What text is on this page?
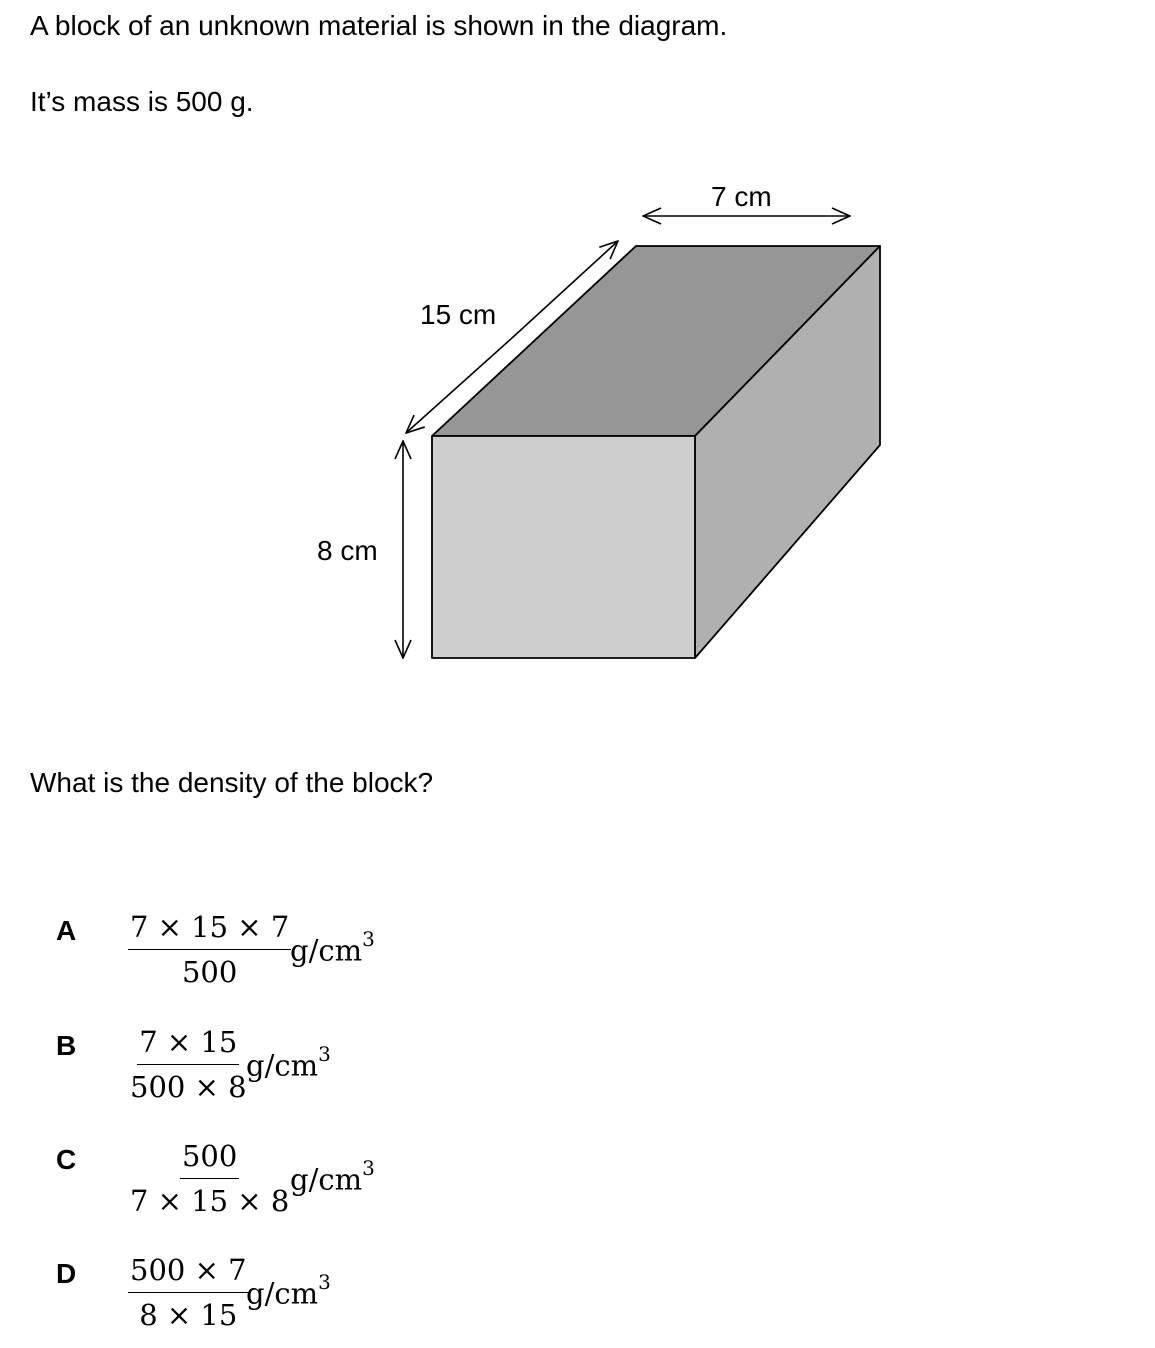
A block of an unknown material is shown in the diagram.

It’s mass is 500 g.

7 cm
15 cm
8 cm

What is the density of the block?

A $\frac{7 \times 15 \times 7}{500}$
$g/cm^3$
B $\frac{7 \times 15}{500 \times 8}$
$g/cm^3$
C $\frac{500}{7 \times 15 \times 8}$
$g/cm^3$
D $\frac{500 \times 7}{8 \times 15}$
$g/cm^3$
